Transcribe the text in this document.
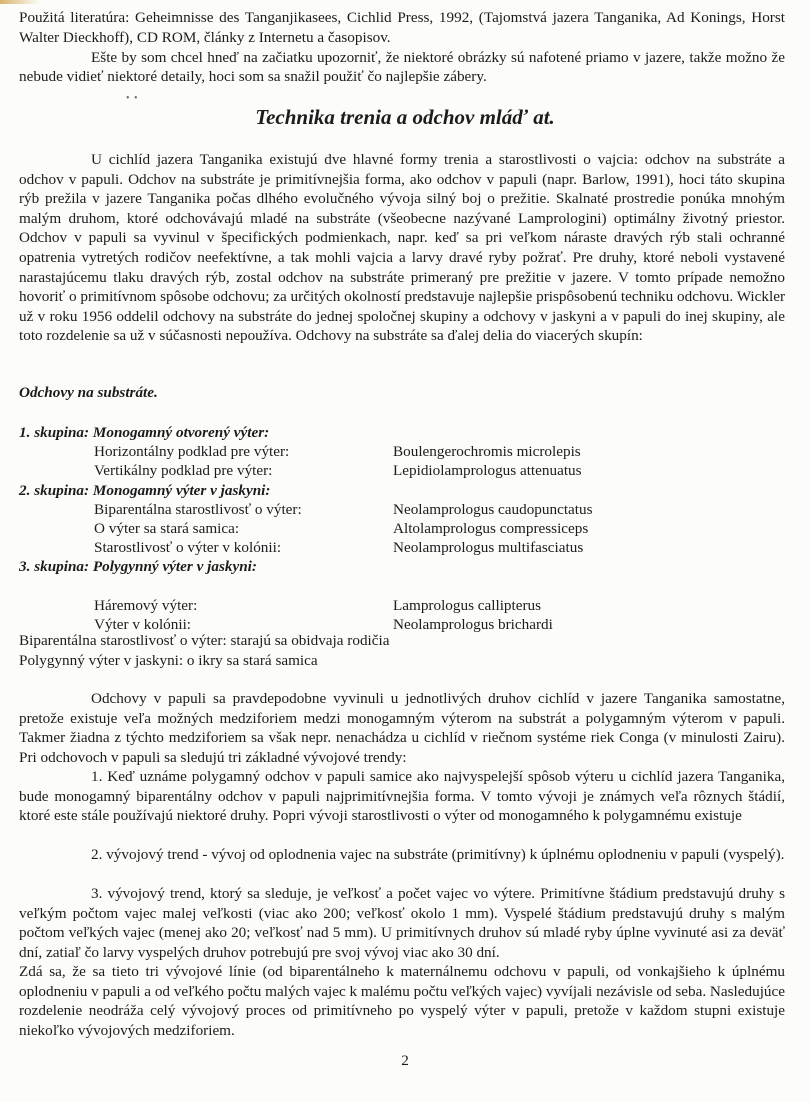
Použitá literatúra: Geheimnisse des Tanganjikasees, Cichlid Press, 1992, (Tajomstvá jazera Tanganika, Ad Konings, Horst Walter Dieckhoff), CD ROM, články z Internetu a časopisov.

Ešte by som chcel hneď na začiatku upozorniť, že niektoré obrázky sú nafotené priamo v jazere, takže možno že nebude vidieť niektoré detaily, hoci som sa snažil použiť čo najlepšie zábery.

• •
Technika trenia a odchov mláď at.

U cichlíd jazera Tanganika existujú dve hlavné formy trenia a starostlivosti o vajcia: odchov na substráte a odchov v papuli. Odchov na substráte je primitívnejšia forma, ako odchov v papuli (napr. Barlow, 1991), hoci táto skupina rýb prežila v jazere Tanganika počas dlhého evolučného vývoja silný boj o prežitie. Skalnaté prostredie ponúka mnohým malým druhom, ktoré odchovávajú mladé na substráte (všeobecne nazývané Lamprologini) optimálny životný priestor. Odchov v papuli sa vyvinul v špecifických podmienkach, napr. keď sa pri veľkom náraste dravých rýb stali ochranné opatrenia vytretých rodičov neefektívne, a tak mohli vajcia a larvy dravé ryby požrať. Pre druhy, ktoré neboli vystavené narastajúcemu tlaku dravých rýb, zostal odchov na substráte primeraný pre prežitie v jazere. V tomto prípade nemožno hovoriť o primitívnom spôsobe odchovu; za určitých okolností predstavuje najlepšie prispôsobenú techniku odchovu. Wickler už v roku 1956 oddelil odchovy na substráte do jednej spoločnej skupiny a odchovy v jaskyni a v papuli do inej skupiny, ale toto rozdelenie sa už v súčasnosti nepoužíva. Odchovy na substráte sa ďalej delia do viacerých skupín:

Odchovy na substráte.

1. skupina: Monogamný otvorený výter:
Horizontálny podklad pre výter:	Boulengerochromis microlepis
Vertikálny podklad pre výter:	Lepidiolamprologus attenuatus
2. skupina: Monogamný výter v jaskyni:
Biparentálna starostlivosť o výter:	Neolamprologus caudopunctatus
O výter sa stará samica:	Altolamprologus compressiceps
Starostlivosť o výter v kolónii:	Neolamprologus multifasciatus
3. skupina: Polygynný výter v jaskyni:
Háremový výter:	Lamprologus callipterus
Výter v kolónii:	Neolamprologus brichardi
Biparentálna starostlivosť o výter: starajú sa obidvaja rodičia
Polygynný výter v jaskyni: o ikry sa stará samica

Odchovy v papuli sa pravdepodobne vyvinuli u jednotlivých druhov cichlíd v jazere Tanganika samostatne, pretože existuje veľa možných medziforiem medzi monogamným výterom na substrát a polygamným výterom v papuli. Takmer žiadna z týchto medziforiem sa však nepr. nenachádza u cichlíd v riečnom systéme riek Conga (v minulosti Zairu). Pri odchovoch v papuli sa sledujú tri základné vývojové trendy:

1. Keď uznáme polygamný odchov v papuli samice ako najvyspelejší spôsob výteru u cichlíd jazera Tanganika, bude monogamný biparentálny odchov v papuli najprimitívnejšia forma. V tomto vývoji je známych veľa rôznych štádií, ktoré este stále používajú niektoré druhy. Popri vývoji starostlivosti o výter od monogamného k polygamnému existuje

2. vývojový trend - vývoj od oplodnenia vajec na substráte (primitívny) k úplnému oplodneniu v papuli (vyspelý).

3. vývojový trend, ktorý sa sleduje, je veľkosť a počet vajec vo výtere. Primitívne štádium predstavujú druhy s veľkým počtom vajec malej veľkosti (viac ako 200; veľkosť okolo 1 mm). Vyspelé štádium predstavujú druhy s malým počtom veľkých vajec (menej ako 20; veľkosť nad 5 mm). U primitívnych druhov sú mladé ryby úplne vyvinuté asi za deväť dní, zatiaľ čo larvy vyspelých druhov potrebujú pre svoj vývoj viac ako 30 dní.

Zdá sa, že sa tieto tri vývojové línie (od biparentálneho k maternálnemu odchovu v papuli, od vonkajšieho k úplnému oplodneniu v papuli a od veľkého počtu malých vajec k malému počtu veľkých vajec) vyvíjali nezávisle od seba. Nasledujúce rozdelenie neodráža celý vývojový proces od primitívneho po vyspelý výter v papuli, pretože v každom stupni existuje niekoľko vývojových medziforiem.

2
